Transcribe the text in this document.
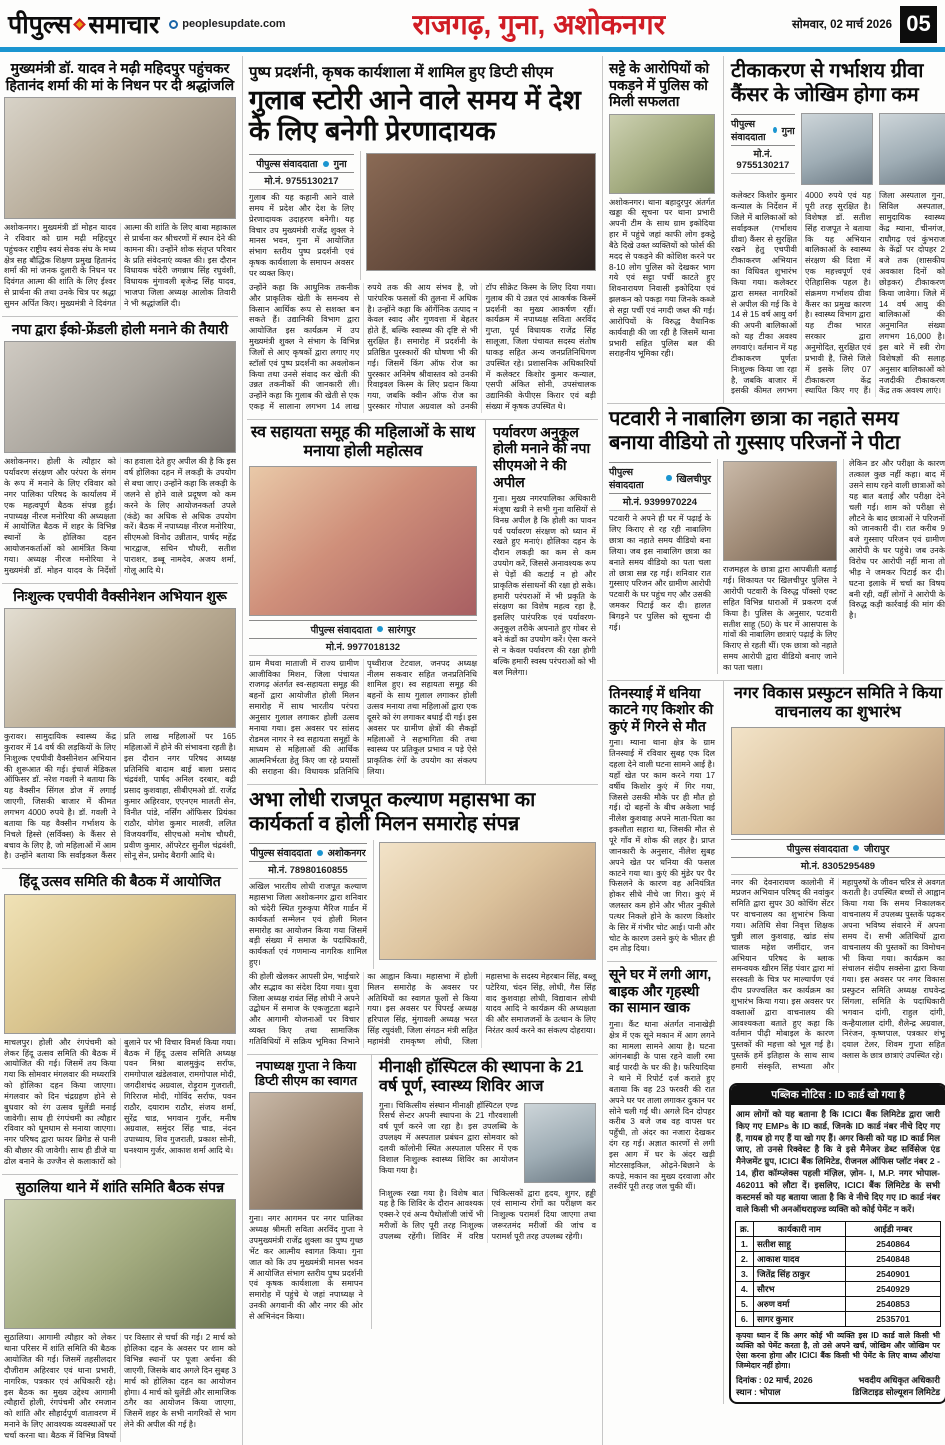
पीपुल्स समाचार peoplesupdate.com	राजगढ़, गुना, अशोकनगर	सोमवार, 02 मार्च 2026 05
मुख्यमंत्री डॉ. यादव ने मढ़ी महिदपुर पहुंचकर हितानंद शर्मा की मां के निधन पर दी श्रद्धांजलि
अशोकनगर। मुख्यमंत्री डॉ मोहन यादव ने रविवार को ग्राम मढ़ी महिदपुर पहुंचकर राष्ट्रीय स्वयं सेवक संघ के मध्य क्षेत्र सह बौद्धिक शिक्षण प्रमुख हितानंद शर्मा की मां जनक दुलारी के निधन पर दिवंगत आत्मा की शांति के लिए ईश्वर से प्रार्थना की तथा उनके चित्र पर श्रद्धा सुमन अर्पित किए। मुख्यमंत्री ने दिवंगत आत्मा की शांति के लिए बाबा महाकाल से प्रार्थना कर श्रीचरणों में स्थान देने की कामना की। उन्होंने शोक संतृप्त परिवार के प्रति संवेदनाएं व्यक्त की। इस दौरान विधायक चंदेरी जगन्नाथ सिंह रघुवंशी, विधायक मुंगावली बृजेन्द्र सिंह यादव, भाजपा जिला अध्यक्ष आलोक तिवारी ने भी श्रद्धांजलि दी।
नपा द्वारा ईको-फ्रेंडली होली मनाने की तैयारी
अशोकनगर। होली के त्यौहार को पर्यावरण संरक्षण और परंपरा के संगम के रूप में मनाने के लिए रविवार को नगर पालिका परिषद के कार्यालय में एक महत्वपूर्ण बैठक संपन्न हुई। नपाध्यक्ष नीरज मनोरिया की अध्यक्षता में आयोजित बैठक में शहर के विभिन्न स्थानों के होलिका दहन आयोजनकर्ताओं को आमंत्रित किया गया। अध्यक्ष नीरज मनोरिया ने मुख्यमंत्री डॉ. मोहन यादव के निर्देशों का हवाला देते हुए अपील की है कि इस वर्ष होलिका दहन में लकड़ी के उपयोग से बचा जाए। उन्होंने कहा कि लकड़ी के जलने से होने वाले प्रदूषण को कम करने के लिए आयोजनकर्ता उपले (कंडे) का अधिक से अधिक उपयोग करें। बैठक में नपाध्यक्ष नीरज मनोरिया, सीएमओ विनोद उन्नीतान, पार्षद महेंद्र भारद्वाज, सचिन चौधरी, सतीश पाराशर, डब्बू नामदेव, अजय शर्मा, गोलू आदि थे।
निःशुल्क एचपीवी वैक्सीनेशन अभियान शुरू
कुरावर। सामुदायिक स्वास्थ्य केंद्र कुरावर में 14 वर्ष की लड़कियों के लिए निःशुल्क एचपीवी वैक्सीनेशन अभियान की शुरूआत की गई। इंचार्ज मेडिकल ऑफिसर डॉ. नरेश गवली ने बताया कि यह वैक्सीन सिंगल डोज में लगाई जाएगी, जिसकी बाजार में कीमत लगभग 4000 रुपये है। डॉ. गवली ने बताया कि यह वैक्सीन गर्भाशय के निचले हिस्से (सर्विक्स) के कैंसर से बचाव के लिए है, जो महिलाओं में आम है। उन्होंने बताया कि सर्वाइकल कैंसर प्रति लाख महिलाओं पर 165 महिलाओं में होने की संभावना रहती है। इस दौरान नगर परिषद अध्यक्ष प्रतिनिधि बादाम बाई बाला प्रसाद चंद्रवंशी, पार्षद अनिल दरबार, बद्री प्रसाद कुशवाहा, सीबीएमओ डॉ. राजेंद्र कुमार अहिरवार, एएनएम मालती सेन, विनीत पांडे, नर्सिंग ऑफिसर प्रियंका राठौर, योगेश कुमार मालवी, ललित विजयवर्गीय, सीएचओ मनोष चौधरी, प्रवीण कुमार, ऑपरेटर सुनील चंद्रवंशी, सोनू सेन, प्रमोद बैरागी आदि थे।
हिंदू उत्सव समिति की बैठक में आयोजित
माचलपुर। होली और रंगपंचमी को लेकर हिंदू उत्सव समिति की बैठक में आयोजित की गई। जिसमें तय किया गया कि सोमवार मंगलवार की मध्यरात्रि को होलिका दहन किया जाएगा। मंगलवार को दिन चंद्रग्रहण होने से बुधवार को रंग उत्सव धुलेंडी मनाई जावेगी। साथ ही रंगपंचमी का त्यौहार रविवार को धूमधाम से मनाया जाएगा। नगर परिषद द्वारा फायर ब्रिगेड से पानी की बौछार की जावेगी। साथ ही डीजे या ढोल बनाने के उज्जैन से कलाकारों को बुलाने पर भी विचार विमर्श किया गया। बैठक में हिंदू उत्सव समिति अध्यक्ष पवन मिश्रा बालमुकुंद सर्राफ, रामगोपाल खंडेलवाल, रामगोपाल मोदी, जगदीशचंद अग्रवाल, रोड़ूराम गुजराती, गिरिराज मोदी, गोविंद सर्राफ, पवन राठौर, दयाराम राठौर, संजय शर्मा, सुरेंद्र चाड, भगवान गुर्जर, मनीष अग्रवाल, समुंदर सिंह चाड, नंदन उपाध्याय, शिव गुजराती, प्रकाश सोनी, घनश्याम गुर्जर, आकाश शर्मा आदि थे।
सुठालिया थाने में शांति समिति बैठक संपन्न
सुठालिया। आगामी त्यौहार को लेकर थाना परिसर में शांति समिति की बैठक आयोजित की गई। जिसमें तहसीलदार दौजीराम अहिरवार एवं थाना प्रभारी, नागरिक, पत्रकार एवं अधिकारी रहे। इस बैठक का मुख्य उद्देश्य आगामी त्यौहारों होली, रंगपंचमी और रमजान को शांति और सौहार्दपूर्ण वातावरण में मनाने के लिए आवश्यक व्यवस्थाओं पर चर्चा करना था। बैठक में विभिन्न विषयों पर विस्तार से चर्चा की गई। 2 मार्च को होलिका दहन के अवसर पर शाम को विभिन्न स्थानों पर पूजा अर्चना की जाएगी, जिसके बाद अगले दिन सुबह 3 मार्च को होलिका दहन का आयोजन होगा। 4 मार्च को धुलेंडी और सामाजिक ठगैर का आयोजन किया जाएगा, जिसमें शहर के सभी नागरिकों से भाग लेने की अपील की गई है।
पुष्प प्रदर्शनी, कृषक कार्यशाला में शामिल हुए डिप्टी सीएम
गुलाब स्टोरी आने वाले समय में देश के लिए बनेगी प्रेरणादायक
पीपुल्स संवाददाता गुना
मो.नं. 9755130217
गुलाब की यह कहानी आने वाले समय में प्रदेश और देश के लिए प्रेरणादायक उदाहरण बनेगी। यह विचार उप मुख्यमंत्री राजेंद्र शुक्ल ने मानस भवन, गुना में आयोजित संभाग स्तरीय पुष्प प्रदर्शनी एवं कृषक कार्यशाला के समापन अवसर पर व्यक्त किए।
उन्होंने कहा कि आधुनिक तकनीक और प्राकृतिक खेती के समन्वय से किसान आर्थिक रूप से सशक्त बन सकते हैं। उद्यानिकी विभाग द्वारा आयोजित इस कार्यक्रम में उप मुख्यमंत्री शुक्ल ने संभाग के विभिन्न जिलों से आए कृषकों द्वारा लगाए गए स्टॉलों एवं पुष्प प्रदर्शनी का अवलोकन किया तथा उनसे संवाद कर खेती की उन्नत तकनीकों की जानकारी ली। उन्होंने कहा कि गुलाब की खेती से एक एकड़ में सालाना लगभग 14 लाख रुपये तक की आय संभव है, जो पारंपरिक फसलों की तुलना में अधिक है। उन्होंने कहा कि ऑर्गेनिक उत्पाद न केवल स्वाद और गुणवत्ता में बेहतर होते हैं, बल्कि स्वास्थ्य की दृष्टि से भी सुरक्षित हैं। समारोह में प्रदर्शनी के प्रतिष्ठित पुरस्कारों की घोषणा भी की गई। जिसमें किंग ऑफ रोज का पुरस्कार अनिमेष श्रीवास्तव को उनकी रिवाइवल किस्म के लिए प्रदान किया गया, जबकि क्वीन ऑफ रोज का पुरस्कार गोपाल अग्रवाल को उनकी टॉप सीक्रेट किस्म के लिए दिया गया। गुलाब की ये उन्नत एवं आकर्षक किस्में प्रदर्शनी का मुख्य आकर्षण रहीं। कार्यक्रम में नपाध्यक्ष सविता अरविंद गुप्ता, पूर्व विधायक राजेंद्र सिंह सालूजा, जिला पंचायत सदस्य संतोष धाकड़ सहित अन्य जनप्रतिनिधिगण उपस्थित रहे। प्रशासनिक अधिकारियों में कलेक्टर किशोर कुमार कन्याल, एसपी अंकित सोनी, उपसंचालक उद्यानिकी केपीएस किरार एवं बड़ी संख्या में कृषक उपस्थित थे।
स्व सहायता समूह की महिलाओं के साथ मनाया होली महोत्सव
पीपुल्स संवाददाता सारंगपुर
मो.नं. 9977018132
ग्राम मैथवा माताजी में राज्य ग्रामीण आजीविका मिशन, जिला पंचायत राजगढ़ अंतर्गत स्व-सहायता समूह की बहनों द्वारा आयोजीत होली मिलन समारोह में साथ भारतीय परंपरा अनुसार गुलाल लगाकर होली उत्सव मनाया गया। इस अवसर पर सांसद रोडमल नागर ने स्व सहायता समूहों के माध्यम से महिलाओं की आर्थिक आत्मनिर्भरता हेतु किए जा रहे प्रयासों की सराहना की। विधायक प्रतिनिधि पृथ्वीराज टेटवाल, जनपद अध्यक्ष नीलम सकवार सहित जनप्रतिनिधि शामिल हुए। स्व सहायता समूह की बहनों के साथ गुलाल लगाकर होली उत्सव मनाया तथा महिलाओं द्वारा एक दूसरे को रंग लगाकर बधाई दी गई। इस अवसर पर ग्रामीण क्षेत्रों की सैकड़ों महिलाओं ने सहभागिता की तथा स्वास्थ्य पर प्रतिकूल प्रभाव न पड़े ऐसे प्राकृतिक रंगों के उपयोग का संकल्प लिया।
पर्यावरण अनुकूल होली मनाने की नपा सीएमओ ने की अपील
गुना। मुख्य नगरपालिका अधिकारी मंजूषा खत्री ने सभी गुना वासियों से विनम्र अपील है कि होली का पावन पर्व पर्यावरण संरक्षण को ध्यान में रखते हुए मनाएं। होलिका दहन के दौरान लकड़ी का कम से कम उपयोग करें, जिससे अनावश्यक रूप से पेड़ों की कटाई न हो और प्राकृतिक संसाधनों की रक्षा हो सके। हमारी परंपराओं में भी प्रकृति के संरक्षण का विशेष महत्व रहा है, इसलिए पारंपरिक एवं पर्यावरण-अनुकूल तरीके अपनाते हुए गोबर से बने कंडों का उपयोग करें। ऐसा करने से न केवल पर्यावरण की रक्षा होगी बल्कि हमारी स्वस्थ परंपराओं को भी बल मिलेगा।
अभा लोधी राजपूत कल्याण महासभा का कार्यकर्ता व होली मिलन समारोह संपन्न
पीपुल्स संवाददाता अशोकनगर
मो.नं. 78980160855
अखिल भारतीय लोधी राजपूत कल्याण महासभा जिला अशोकनगर द्वारा शनिवार को चंदेरी स्थित गुरुकृपा मैरिज गार्डन में कार्यकर्ता सम्मेलन एवं होली मिलन समारोह का आयोजन किया गया जिसमें बड़ी संख्या में समाज के पदाधिकारी, कार्यकर्ता एवं गणमान्य नागरिक शामिल हुए।
की होली खेलकर आपसी प्रेम, भाईचारे और सद्भाव का संदेश दिया गया। युवा जिला अध्यक्ष रावंत सिंह लोधी ने अपने उद्बोधन में समाज के एकजुटता बढ़ाने और आगामी योजनाओं पर विचार व्यक्त किए तथा सामाजिक गतिविधियों में सक्रिय भूमिका निभाने का आह्वान किया। महासभा में होली मिलन समारोह के अवसर पर अतिथियों का स्वागत फूलों से किया गया। इस अवसर पर पिपरई अध्यक्ष हरिपाल सिंह, मुंगावली अध्यक्ष भरत सिंह रघुवंशी, जिला संगठन मंत्री सहित महामंत्री रामकृष्ण लोधी, जिला महासभा के सदस्य मेहरबान सिंह, बब्लू पटेरिया, चंदन सिंह, लोधी, गैस सिंह वाद कुशवाहा लोधी, विद्यावान लोधी यादव आदि ने कार्यक्रम की अध्यक्षता की और समाजजनों के उत्थान के लिए निरंतर कार्य करने का संकल्प दोहराया।
नपाध्यक्ष गुप्ता ने किया डिप्टी सीएम का स्वागत
गुना। नगर आगमन पर नगर पालिका अध्यक्ष श्रीमती सविता अरविंद गुप्ता ने उपमुख्यमंत्री राजेंद्र शुक्ला का पुष्प गुच्छ भेंट कर आत्मीय स्वागत किया। गुना जात को कि उप मुख्यमंत्री मानस भवन में आयोजित संभाग स्तरीय पुष्प प्रदर्शनी एवं कृषक कार्यशाला के समापन समारोह में पहुंचे थे जहां नपाध्यक्ष ने उनकी अगवानी की और नगर की ओर से अभिनंदन किया।
मीनाक्षी हॉस्पिटल की स्थापना के 21 वर्ष पूर्ण, स्वास्थ्य शिविर आज
गुना। चिकित्सीय संस्थान मीनाक्षी हॉस्पिटल एण्ड रिसर्च सेन्टर अपनी स्थापना के 21 गौरवशाली वर्ष पूर्ण करने जा रहा है। इस उपलब्धि के उपलक्ष्य में अस्पताल प्रबंधन द्वारा सोमवार को दलवी कॉलोनी स्थित अस्पताल परिसर में एक विशाल निःशुल्क स्वास्थ्य शिविर का आयोजन किया गया है।
निःशुल्क रखा गया है। विशेष बात यह है कि शिविर के दौरान आवश्यक एक्स-रे एवं अन्य पैथोलॉजी जांचें भी मरीजों के लिए पूरी तरह निःशुल्क उपलब्ध रहेंगी। शिविर में वरिष्ठ चिकित्सकों द्वारा हृदय, शुगर, हड्डी एवं सामान्य रोगों का परीक्षण कर निःशुल्क परामर्श दिया जाएगा तथा जरूरतमंद मरीजों की जांच व परामर्श पूरी तरह उपलब्ध रहेगी।
सट्टे के आरोपियों को पकड़ने में पुलिस को मिली सफलता
अशोकनगर। थाना बहादुरपुर अंतर्गत खड्डा की सूचना पर थाना प्रभारी अपनी टीम के साथ ग्राम इकोदिया हार में पहुंचे जहां काफी लोग इकट्ठे बैठे दिखे उक्त व्यक्तियों को फोर्स की मदद से पकड़ने की कोशिश करने पर 8-10 लोग पुलिस को देखकर भाग गये एवं सट्टा पर्ची काटते हुए शिवनारायण निवासी इकोदिया एवं झलकन को पकड़ा गया जिनके कब्जे से सट्टा पर्ची एवं नगदी जब्त की गई। आरोपियों के विरुद्ध वैधानिक कार्यवाही की जा रही है जिसमें थाना प्रभारी सहित पुलिस बल की सराहनीय भूमिका रही।
टीकाकरण से गर्भाशय ग्रीवा कैंसर के जोखिम होगा कम
पीपुल्स संवाददाता
गुना
मो.नं. 9755130217
कलेक्टर किशोर कुमार कन्याल के निर्देशन में जिले में बालिकाओं को सर्वाइकल (गर्भाशय ग्रीवा) कैंसर से सुरक्षित रखने हेतु एचपीवी टीकाकरण अभियान का विधिवत शुभारंभ किया गया। कलेक्टर द्वारा समस्त नागरिकों से अपील की गई कि वे 14 से 15 वर्ष आयु वर्ग की अपनी बालिकाओं को यह टीका अवश्य लगवाएं। वर्तमान में यह टीकाकरण पूर्णतः निःशुल्क किया जा रहा है, जबकि बाजार में इसकी कीमत लगभग 4000 रुपये एवं यह पूरी तरह सुरक्षित है। विशेषज्ञ डॉ. सतीश सिंह राजपूत ने बताया कि यह अभियान बालिकाओं के स्वास्थ्य संरक्षण की दिशा में एक महत्त्वपूर्ण एवं ऐतिहासिक पहल है। संक्रमण गर्भाशय ग्रीवा कैंसर का प्रमुख कारण है। स्वास्थ्य विभाग द्वारा यह टीका भारत सरकार द्वारा अनुमोदित, सुरक्षित एवं प्रभावी है, जिसे जिले में इसके लिए 07 टीकाकरण केंद्र स्थापित किए गए हैं। जिला अस्पताल गुना, सिविल अस्पताल, सामुदायिक स्वास्थ्य केंद्र म्याना, चीनगंज, राघौगढ़ एवं कुंभराज के केंद्रों पर दोपहर 2 बजे तक (शासकीय अवकाश दिनों को छोड़कर) टीकाकरण किया जावेगा। जिले में 14 वर्ष आयु की बालिकाओं की अनुमानित संख्या लगभग 16,000 है। इस बारे में स्त्री रोग विशेषज्ञों की सलाह अनुसार बालिकाओं को नजदीकी टीकाकरण केंद्र तक अवश्य लाएं।
पटवारी ने नाबालिग छात्रा का नहाते समय बनाया वीडियो तो गुस्साए परिजनों ने पीटा
पीपुल्स संवाददाता
खिलचीपुर
मो.नं. 9399970224
पटवारी ने अपने ही घर में पढ़ाई के लिए किराए से रह रही नाबालिग छात्रा का नहाते समय वीडियो बना लिया। जब इस नाबालिग छात्रा का बनाते समय वीडियो का पता चला तो छात्रा सन्न रह गई। शनिवार रात गुस्साए परिजन और ग्रामीण आरोपी पटवारी के घर पहुंच गए और उसकी जमकर पिटाई कर दी। हालत बिगड़ने पर पुलिस को सूचना दी गई।
राजमहल के छात्रा द्वारा आपबीती बताई गई। शिकायत पर खिलचीपुर पुलिस ने आरोपी पटवारी के विरुद्ध पॉक्सो एक्ट सहित विभिन्न धाराओं में प्रकरण दर्ज किया है। पुलिस के अनुसार, पटवारी सतीश साहू (50) के घर में आसपास के गांवों की नाबालिग छात्राएं पढ़ाई के लिए किराए से रहती थीं। एक छात्रा को नहाते समय आरोपी द्वारा वीडियो बनाए जाने का पता चला।
लेकिन डर और परीक्षा के कारण तत्काल कुछ नहीं कहा। बाद में उसने साथ रहने वाली छात्राओं को यह बात बताई और परीक्षा देने चली गई। शाम को परीक्षा से लौटने के बाद छात्राओं ने परिजनों को जानकारी दी। रात करीब 9 बजे गुस्साए परिजन एवं ग्रामीण आरोपी के घर पहुंचे। जब उनके विरोध पर आरोपी नहीं माना तो भीड़ ने जमकर पिटाई कर दी। घटना इलाके में चर्चा का विषय बनी रही, वहीं लोगों ने आरोपी के विरुद्ध कड़ी कार्रवाई की मांग की है।
तिनस्याई में धनिया काटने गए किशोर की कुएं में गिरने से मौत
गुना। म्याना थाना क्षेत्र के ग्राम तिनस्याई में रविवार सुबह एक दिल दहला देने वाली घटना सामने आई है। यहाँ खेत पर काम करने गया 17 वर्षीय किशोर कुएं में गिर गया, जिससे उसकी मौके पर ही मौत हो गई। दो बहनों के बीच अकेला भाई नीलेश कुशवाह अपने माता-पिता का इकलौता सहारा था, जिसकी मौत से पूरे गाँव में शोक की लहर है। प्राप्त जानकारी के अनुसार, नीलेश सुबह अपने खेत पर धनिया की फसल काटने गया था। कुएं की मुंडेर पर पैर फिसलने के कारण वह अनियंत्रित होकर सीधे नीचे जा गिरा। कुएं में जलस्तर कम होने और भीतर नुकीले पत्थर निकले होने के कारण किशोर के सिर में गंभीर चोट आई। पानी और चोट के कारण उसने कुएं के भीतर ही दम तोड़ दिया।
सूने घर में लगी आग, बाइक और गृहस्थी का सामान खाक
गुना। कैंट थाना अंतर्गत नानाखेड़ी क्षेत्र में एक सूने मकान में आग लगने का मामला सामने आया है। घटना आंगनबाड़ी के पास रहने वाली रमा बाई पारदी के घर की है। फरियादिया ने थाने में रिपोर्ट दर्ज कराते हुए बताया कि वह 23 फरवरी की रात अपने घर पर ताला लगाकर दुकान पर सोने चली गई थी। अगले दिन दोपहर करीब 3 बजे जब वह वापस घर पहुँची, तो अंदर का नजारा देखकर दंग रह गई। अज्ञात कारणों से लगी इस आग में घर के अंदर खड़ी मोटरसाइकिल, ओढ़ने-बिछाने के कपड़े, मकान का मुख्य दरवाजा और तस्वीरें पूरी तरह जल चुकी थीं।
नगर विकास प्रस्फुटन समिति ने किया वाचनालय का शुभारंभ
पीपुल्स संवाददाता जीरापुर
मो.नं. 8305295489
नगर की देवनारायण कालोनी में मप्रजन अभियान परिषद् की नवांकुर समिति द्वारा सुपर 30 कोचिंग सेंटर पर वाचनालय का शुभारंभ किया गया। अतिथि सेवा निवृत्त शिक्षक चुन्नी लाल कुशवाह, खांड संघ चालक महेश जमींदार, जन अभियान परिषद के ब्लाक समन्वयक खीरम सिंह पंवार द्वारा मां सरस्वती के चित्र पर माल्यार्पण एवं दीप प्रज्ज्वलित कर कार्यक्रम का शुभारंभ किया गया। इस अवसर पर वक्ताओं द्वारा वाचनालय की आवश्यकता बताते हुए कहा कि वर्तमान पीढ़ी मोबाइल के कारण पुस्तकों की महत्ता को भूल गई है। पुस्तकें हमें इतिहास के साथ साथ हमारी संस्कृति, सभ्यता और महापुरुषों के जीवन चरित्र से अवगत कराती है। उपस्थित बच्चों से आह्वान किया गया कि समय निकालकर वाचनालय में उपलब्ध पुस्तकें पढ़कर अपना भविष्य संवारने में अपना समय दें। सभी अतिथियों द्वारा वाचनालय की पुस्तकों का विमोचन भी किया गया। कार्यक्रम का संचालन संदीप सक्सेना द्वारा किया गया। इस अवसर पर नगर विकास प्रस्फुटन समिति अध्यक्ष राघवेन्द्र सिंगला, समिति के पदाधिकारी भगवान दांगी, राहुल दांगी, कन्हैयालाल दांगी, शैलेन्द्र अग्रवाल, निरंजन, कृष्णपाल, पत्रकार शंभू दयाल टेलर, शिवम गुप्ता सहित क्लास के छात्र छात्राएं उपस्थित रहे।
पब्लिक नोटिस : ID कार्ड खो गया है
आम लोगों को यह बताना है कि ICICI बैंक लिमिटेड द्वारा जारी किए गए EMPs के ID कार्ड, जिनके ID कार्ड नंबर नीचे दिए गए हैं, गायब हो गए हैं या खो गए हैं। अगर किसी को यह ID कार्ड मिल जाए, तो उनसे रिक्वेस्ट है कि वे इसे मैनेजर डेब्ट सर्विसेज एंड मैनेजमेंट ग्रुप, ICICI बैंक लिमिटेड, रीजनल ऑफिस प्लॉट नंबर 2 - 14, हीरा कॉम्प्लेक्स पहली मंज़िल, ज़ोन- I, M.P. नगर भोपाल- 462011 को लौटा दें। इसलिए, ICICI बैंक लिमिटेड के सभी कस्टमर्स को यह बताया जाता है कि वे नीचे दिए गए ID कार्ड नंबर वाले किसी भी अनऑथराइज्ड व्यक्ति को कोई पेमेंट न करें।
क्र.	कार्यकारी नाम	आईडी नम्बर
1.	सतीश साहू	2540864
2.	आकाश यादव	2540848
3.	जितेंद्र सिंह ठाकुर	2540901
4.	सौरभ	2540929
5.	अरुण वर्मा	2540853
6.	सागर कुमार	2535701
कृपया ध्यान दें कि अगर कोई भी व्यक्ति इस ID कार्ड वाले किसी भी व्यक्ति को पेमेंट करता है, तो उसे अपने खर्च, जोखिम और जोखिम पर ऐसा करना होगा और ICICI बैंक किसी भी पेमेंट के लिए बाध्य और/या जिम्मेदार नहीं होगा।
दिनांक : 02 मार्च, 2026
स्थान : भोपाल
भवदीय अधिकृत अधिकारी
डिजिटाइड सोल्यूशन लिमिटेड
